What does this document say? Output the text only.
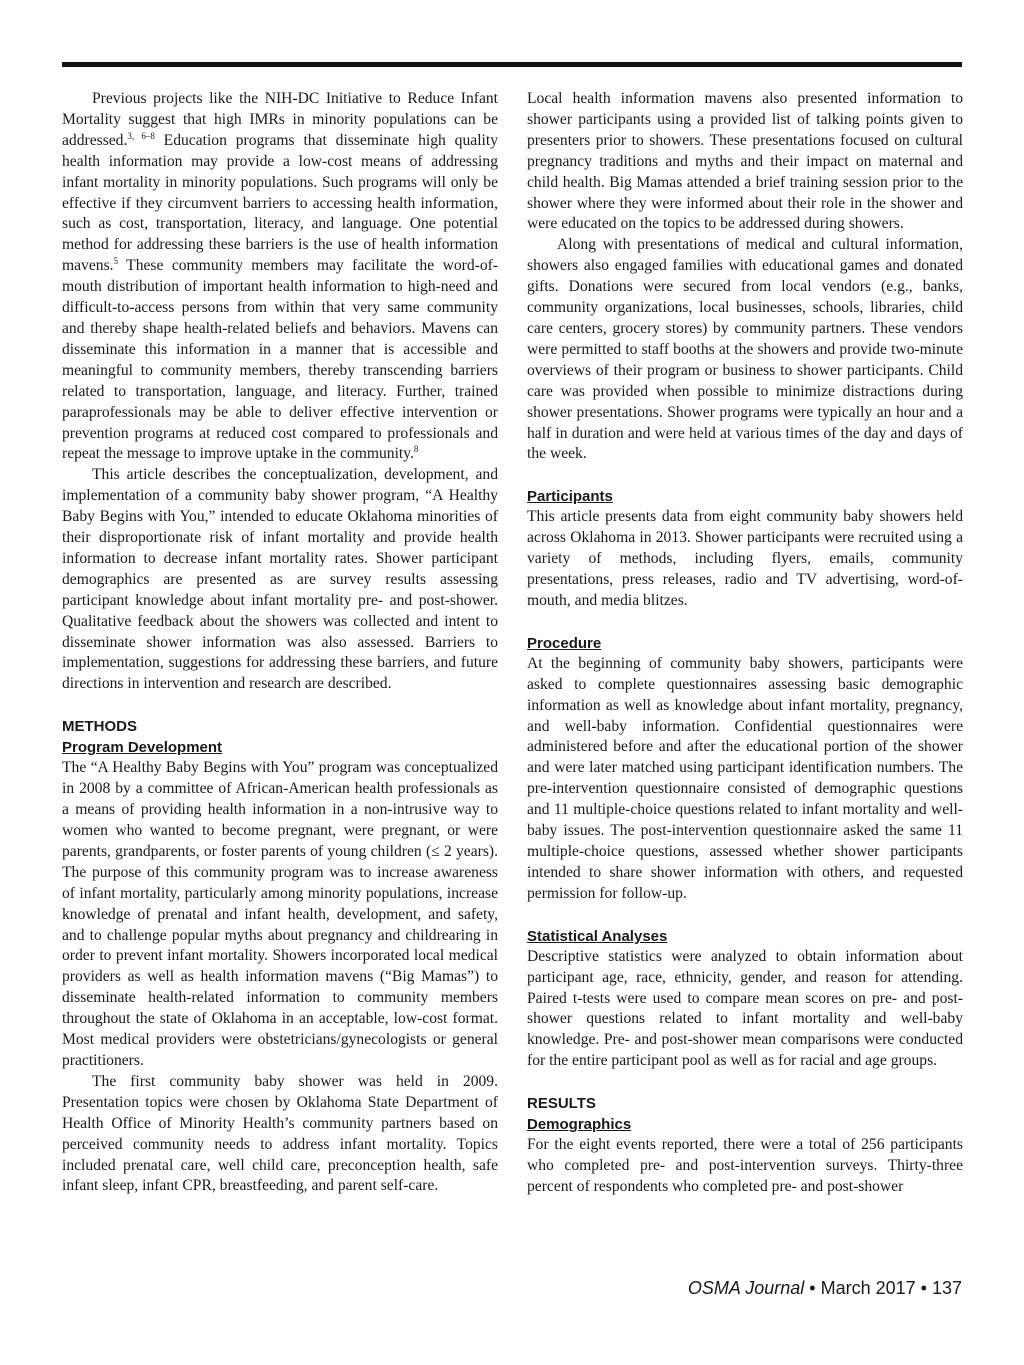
Previous projects like the NIH-DC Initiative to Reduce Infant Mortality suggest that high IMRs in minority populations can be addressed.$^{3, 6-8}$ Education programs that disseminate high quality health information may provide a low-cost means of addressing infant mortality in minority populations. Such programs will only be effective if they circumvent barriers to accessing health information, such as cost, transportation, literacy, and language. One potential method for addressing these barriers is the use of health information mavens.$^5$ These community members may facilitate the word-of-mouth distribution of important health information to high-need and difficult-to-access persons from within that very same community and thereby shape health-related beliefs and behaviors. Mavens can disseminate this information in a manner that is accessible and meaningful to community members, thereby transcending barriers related to transportation, language, and literacy. Further, trained paraprofessionals may be able to deliver effective intervention or prevention programs at reduced cost compared to professionals and repeat the message to improve uptake in the community.$^8$

This article describes the conceptualization, development, and implementation of a community baby shower program, “A Healthy Baby Begins with You,” intended to educate Oklahoma minorities of their disproportionate risk of infant mortality and provide health information to decrease infant mortality rates. Shower participant demographics are presented as are survey results assessing participant knowledge about infant mortality pre- and post-shower. Qualitative feedback about the showers was collected and intent to disseminate shower information was also assessed. Barriers to implementation, suggestions for addressing these barriers, and future directions in intervention and research are described.

METHODS
Program Development

The “A Healthy Baby Begins with You” program was conceptualized in 2008 by a committee of African-American health professionals as a means of providing health information in a non-intrusive way to women who wanted to become pregnant, were pregnant, or were parents, grandparents, or foster parents of young children (≤ 2 years). The purpose of this community program was to increase awareness of infant mortality, particularly among minority populations, increase knowledge of prenatal and infant health, development, and safety, and to challenge popular myths about pregnancy and childrearing in order to prevent infant mortality. Showers incorporated local medical providers as well as health information mavens (“Big Mamas”) to disseminate health-related information to community members throughout the state of Oklahoma in an acceptable, low-cost format. Most medical providers were obstetricians/gynecologists or general practitioners.

The first community baby shower was held in 2009. Presentation topics were chosen by Oklahoma State Department of Health Office of Minority Health’s community partners based on perceived community needs to address infant mortality. Topics included prenatal care, well child care, preconception health, safe infant sleep, infant CPR, breastfeeding, and parent self-care.

Local health information mavens also presented information to shower participants using a provided list of talking points given to presenters prior to showers. These presentations focused on cultural pregnancy traditions and myths and their impact on maternal and child health. Big Mamas attended a brief training session prior to the shower where they were informed about their role in the shower and were educated on the topics to be addressed during showers.

Along with presentations of medical and cultural information, showers also engaged families with educational games and donated gifts. Donations were secured from local vendors (e.g., banks, community organizations, local businesses, schools, libraries, child care centers, grocery stores) by community partners. These vendors were permitted to staff booths at the showers and provide two-minute overviews of their program or business to shower participants. Child care was provided when possible to minimize distractions during shower presentations. Shower programs were typically an hour and a half in duration and were held at various times of the day and days of the week.

Participants

This article presents data from eight community baby showers held across Oklahoma in 2013. Shower participants were recruited using a variety of methods, including flyers, emails, community presentations, press releases, radio and TV advertising, word-of-mouth, and media blitzes.

Procedure

At the beginning of community baby showers, participants were asked to complete questionnaires assessing basic demographic information as well as knowledge about infant mortality, pregnancy, and well-baby information. Confidential questionnaires were administered before and after the educational portion of the shower and were later matched using participant identification numbers. The pre-intervention questionnaire consisted of demographic questions and 11 multiple-choice questions related to infant mortality and well-baby issues. The post-intervention questionnaire asked the same 11 multiple-choice questions, assessed whether shower participants intended to share shower information with others, and requested permission for follow-up.

Statistical Analyses

Descriptive statistics were analyzed to obtain information about participant age, race, ethnicity, gender, and reason for attending. Paired t-tests were used to compare mean scores on pre- and post-shower questions related to infant mortality and well-baby knowledge. Pre- and post-shower mean comparisons were conducted for the entire participant pool as well as for racial and age groups.

RESULTS
Demographics

For the eight events reported, there were a total of 256 participants who completed pre- and post-intervention surveys. Thirty-three percent of respondents who completed pre- and post-shower

OSMA Journal • March 2017 • 137
